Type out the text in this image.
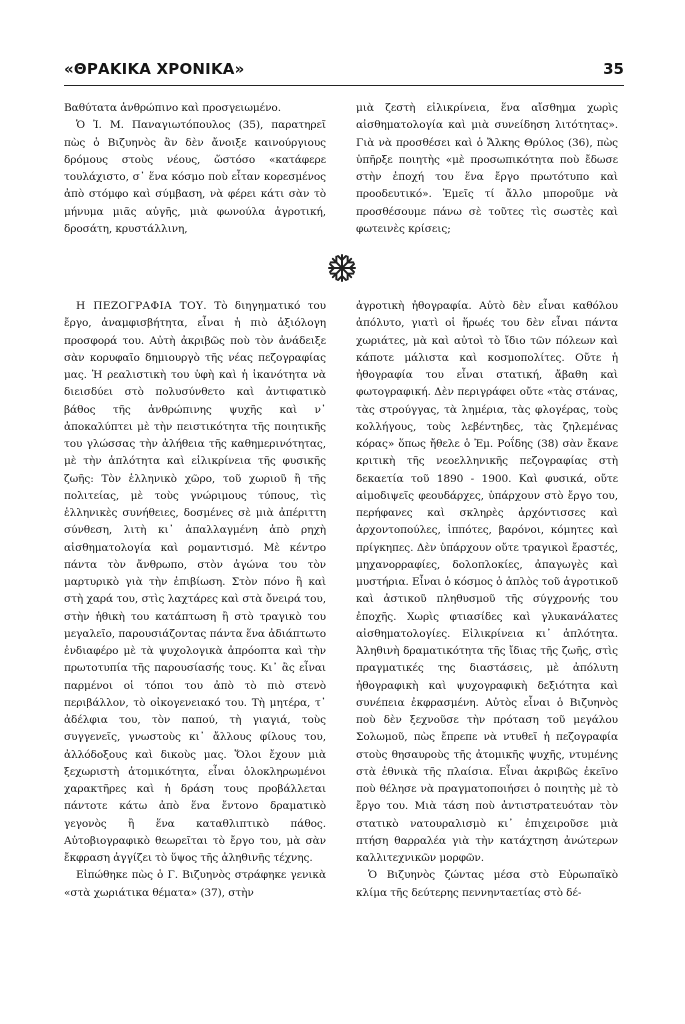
«ΘΡΑΚΙΚΑ ΧΡΟΝΙΚΑ»	35

Βαθύτατα ἀνθρώπινο καὶ προσγειωμένο.

Ὁ Ἰ. Μ. Παναγιωτόπουλος (35), παρατηρεῖ πὼς ὁ Βιζυηνὸς ἂν δὲν ἄνοιξε καινούργιους δρόμους στοὺς νέους, ὥστόσο «κατάφερε τουλάχιστο, σ᾽ ἕνα κόσμο ποὺ εἶταν κορεσμένος ἀπὸ στόμφο καὶ σύμβαση, νὰ φέρει κάτι σὰν τὸ μήνυμα μιᾶς αὐγῆς, μιὰ φωνούλα ἀγροτική, δροσάτη, κρυστάλλινη,

μιὰ ζεστὴ εἰλικρίνεια, ἕνα αἴσθημα χωρὶς αἰσθηματολογία καὶ μιὰ συνείδηση λιτότητας». Γιὰ νὰ προσθέσει καὶ ὁ Ἄλκης Θρύλος (36), πὼς ὑπῆρξε ποιητὴς «μὲ προσωπικότητα ποὺ ἔδωσε στὴν ἐποχή του ἕνα ἔργο πρωτότυπο καὶ προοδευτικό». Ἐμεῖς τί ἄλλο μποροῦμε νὰ προσθέσουμε πάνω σὲ τοῦτες τὶς σωστὲς καὶ φωτεινὲς κρίσεις;

Η ΠΕΖΟΓΡΑΦΙΑ ΤΟΥ. Τὸ διηγηματικό του ἔργο, ἀναμφισβήτητα, εἶναι ἡ πιὸ ἀξιόλογη προσφορά του. Αὐτὴ ἀκριβῶς ποὺ τὸν ἀνάδειξε σὰν κορυφαῖο δημιουργὸ τῆς νέας πεζογραφίας μας. Ἡ ρεαλιστικὴ του ὑφὴ καὶ ἡ ἱκανότητα νὰ διεισδύει στὸ πολυσύνθετο καὶ ἀντιφατικὸ βάθος τῆς ἀνθρώπινης ψυχῆς καὶ ν᾽ ἀποκαλύπτει μὲ τὴν πειστικότητα τῆς ποιητικῆς του γλώσσας τὴν ἀλήθεια τῆς καθημερινότητας, μὲ τὴν ἁπλότητα καὶ εἰλικρίνεια τῆς φυσικῆς ζωῆς: Τὸν ἑλληνικὸ χῶρο, τοῦ χωριοῦ ἢ τῆς πολιτείας, μὲ τοὺς γνώριμους τύπους, τὶς ἑλληνικὲς συνήθειες, δοσμένες σὲ μιὰ ἀπέριττη σύνθεση, λιτὴ κι᾽ ἀπαλλαγμένη ἀπὸ ρηχὴ αἰσθηματολογία καὶ ρομαντισμό. Μὲ κέντρο πάντα τὸν ἄνθρωπο, στὸν ἀγώνα του τὸν μαρτυρικὸ γιὰ τὴν ἐπιβίωση. Στὸν πόνο ἢ καὶ στὴ χαρά του, στὶς λαχτάρες καὶ στὰ ὄνειρά του, στὴν ἠθικὴ του κατάπτωση ἢ στὸ τραγικὸ του μεγαλεῖο, παρουσιάζοντας πάντα ἕνα ἀδιάπτωτο ἐνδιαφέρο μὲ τὰ ψυχολογικὰ ἀπρόοπτα καὶ τὴν πρωτοτυπία τῆς παρουσίασής τους. Κι᾽ ἂς εἶναι παρμένοι οἱ τόποι του ἀπὸ τὸ πιὸ στενὸ περιβάλλον, τὸ οἰκογενειακό του. Τὴ μητέρα, τ᾽ ἀδέλφια του, τὸν παπού, τὴ γιαγιά, τοὺς συγγενεῖς, γνωστοὺς κι᾽ ἄλλους φίλους του, ἀλλόδοξους καὶ δικοὺς μας. Ὅλοι ἔχουν μιὰ ξεχωριστὴ ἀτομικότητα, εἶναι ὁλοκληρωμένοι χαρακτῆρες καὶ ἡ δράση τους προβάλλεται πάντοτε κάτω ἀπὸ ἕνα ἔντονο δραματικὸ γεγονὸς ἢ ἕνα καταθλιπτικὸ πάθος. Αὐτοβιογραφικὸ θεωρεῖται τὸ ἔργο του, μὰ σὰν ἔκφραση ἀγγίζει τὸ ὕψος τῆς ἀληθινῆς τέχνης.

Εἰπώθηκε πὼς ὁ Γ. Βιζυηνὸς στράφηκε γενικὰ «στὰ χωριάτικα θέματα» (37), στὴν

ἀγροτικὴ ἠθογραφία. Αὐτὸ δὲν εἶναι καθόλου ἀπόλυτο, γιατὶ οἱ ἥρωές του δὲν εἶναι πάντα χωριάτες, μὰ καὶ αὐτοὶ τὸ ἴδιο τῶν πόλεων καὶ κάποτε μάλιστα καὶ κοσμοπολίτες. Οὔτε ἡ ἠθογραφία του εἶναι στατική, ἄβαθη καὶ φωτογραφική. Δὲν περιγράφει οὔτε «τὰς στάνας, τὰς στρούγγας, τὰ λημέρια, τὰς φλογέρας, τοὺς κολλήγους, τοὺς λεβέντηδες, τὰς ζηλεμένας κόρας» ὅπως ἤθελε ὁ Ἐμ. Ροΐδης (38) σὰν ἔκανε κριτικὴ τῆς νεοελληνικῆς πεζογραφίας στὴ δεκαετία τοῦ 1890 - 1900. Καὶ φυσικά, οὔτε αἱμοδιψεῖς φεουδάρχες, ὑπάρχουν στὸ ἔργο του, περήφανες καὶ σκληρὲς ἀρχόντισσες καὶ ἀρχοντοπούλες, ἱππότες, βαρόνοι, κόμητες καὶ πρίγκηπες. Δὲν ὑπάρχουν οὔτε τραγικοὶ ἔραστές, μηχανορραφίες, δολοπλοκίες, ἀπαγωγὲς καὶ μυστήρια. Εἶναι ὁ κόσμος ὁ ἁπλὸς τοῦ ἀγροτικοῦ καὶ ἀστικοῦ πληθυσμοῦ τῆς σύγχρονής του ἐποχῆς. Χωρὶς φτιασίδες καὶ γλυκανάλατες αἰσθηματολογίες. Εἰλικρίνεια κι᾽ ἁπλότητα. Ἀληθινὴ δραματικότητα τῆς ἴδιας τῆς ζωῆς, στὶς πραγματικές της διαστάσεις, μὲ ἀπόλυτη ἠθογραφικὴ καὶ ψυχογραφικὴ δεξιότητα καὶ συνέπεια ἐκφρασμένη. Αὐτὸς εἶναι ὁ Βιζυηνὸς ποὺ δὲν ξεχνοῦσε τὴν πρόταση τοῦ μεγάλου Σολωμοῦ, πὼς ἔπρεπε νὰ ντυθεῖ ἡ πεζογραφία στοὺς θησαυροὺς τῆς ἀτομικῆς ψυχῆς, ντυμένης στὰ ἐθνικὰ τῆς πλαίσια. Εἶναι ἀκριβῶς ἐκεῖνο ποὺ θέλησε νὰ πραγματοποιήσει ὁ ποιητὴς μὲ τὸ ἔργο του. Μιὰ τάση ποὺ ἀντιστρατευόταν τὸν στατικὸ νατουραλισμὸ κι᾽ ἐπιχειροῦσε μιὰ πτήση θαρραλέα γιὰ τὴν κατάχτηση ἀνώτερων καλλιτεχνικῶν μορφῶν.

Ὁ Βιζυηνὸς ζώντας μέσα στὸ Εὐρωπαϊκὸ κλίμα τῆς δεύτερης πεννηνταετίας στὸ δέ-
